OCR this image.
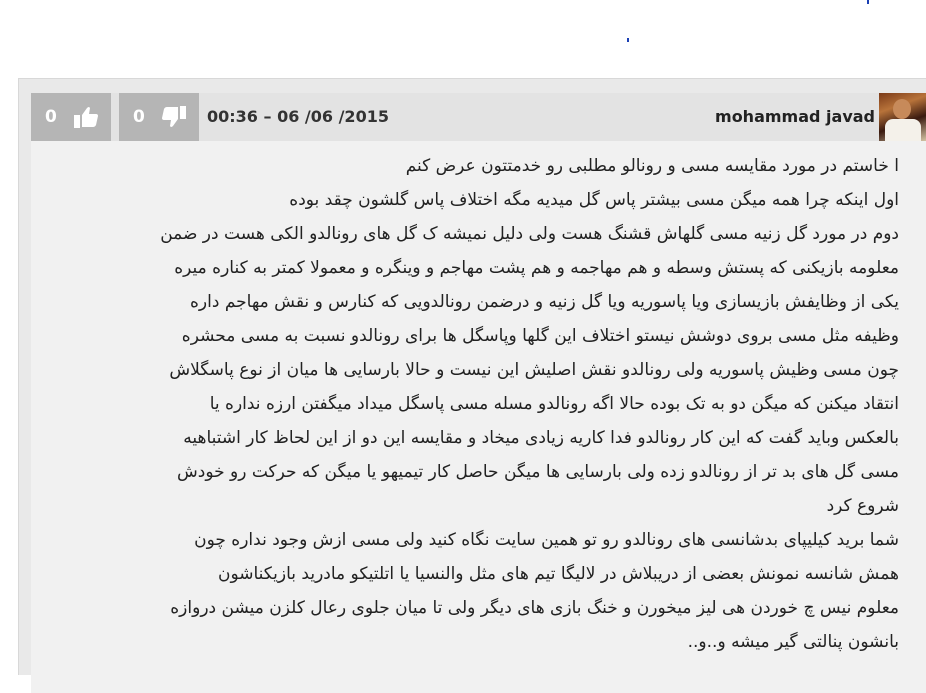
0	0	00:36 – 06 /06 /2015	mohammad javad

ا خاستم در مورد مقایسه مسی و رونالو مطلبی رو خدمتتون عرض کنم

اول اینکه چرا همه میگن مسی بیشتر پاس گل میدیه مگه اختلاف پاس گلشون چقد بوده

دوم در مورد گل زنیه مسی گلهاش قشنگ هست ولی دلیل نمیشه ک گل های رونالدو الکی هست در ضمن

معلومه بازیکنی که پستش وسطه و هم مهاجمه و هم پشت مهاجم و وینگره و معمولا کمتر به کناره میره

یکی از وظایفش بازیسازی ویا پاسوریه ویا گل زنیه و درضمن رونالدویی که کنارس و نقش مهاجم داره

وظیفه مثل مسی بروی دوشش نیستو اختلاف این گلها وپاسگل ها برای رونالدو نسبت به مسی محشره

چون مسی وظیش پاسوریه ولی رونالدو نقش اصلیش این نیست و حالا بارسایی ها میان از نوع پاسگلاش

انتقاد میکنن که میگن دو به تک بوده حالا اگه رونالدو مسله مسی پاسگل میداد میگفتن ارزه نداره یا

بالعکس وباید گفت که این کار رونالدو فدا کاریه زیادی میخاد و مقایسه این دو از این لحاظ کار اشتباهیه

مسی گل های بد تر از رونالدو زده ولی بارسایی ها میگن حاصل کار تیمیهو یا میگن که حرکت رو خودش

شروع کرد

شما برید کیلیپای بدشانسی های رونالدو رو تو همین سایت نگاه کنید ولی مسی ازش وجود نداره چون

همش شانسه نمونش بعضی از دریبلاش در لالیگا تیم های مثل والنسیا یا اتلتیکو مادرید بازیکناشون

معلوم نیس چ خوردن هی لیز میخورن و خنگ بازی های دیگر ولی تا میان جلوی رعال کلزن میشن دروازه

بانشون پنالتی گیر میشه و..و..
